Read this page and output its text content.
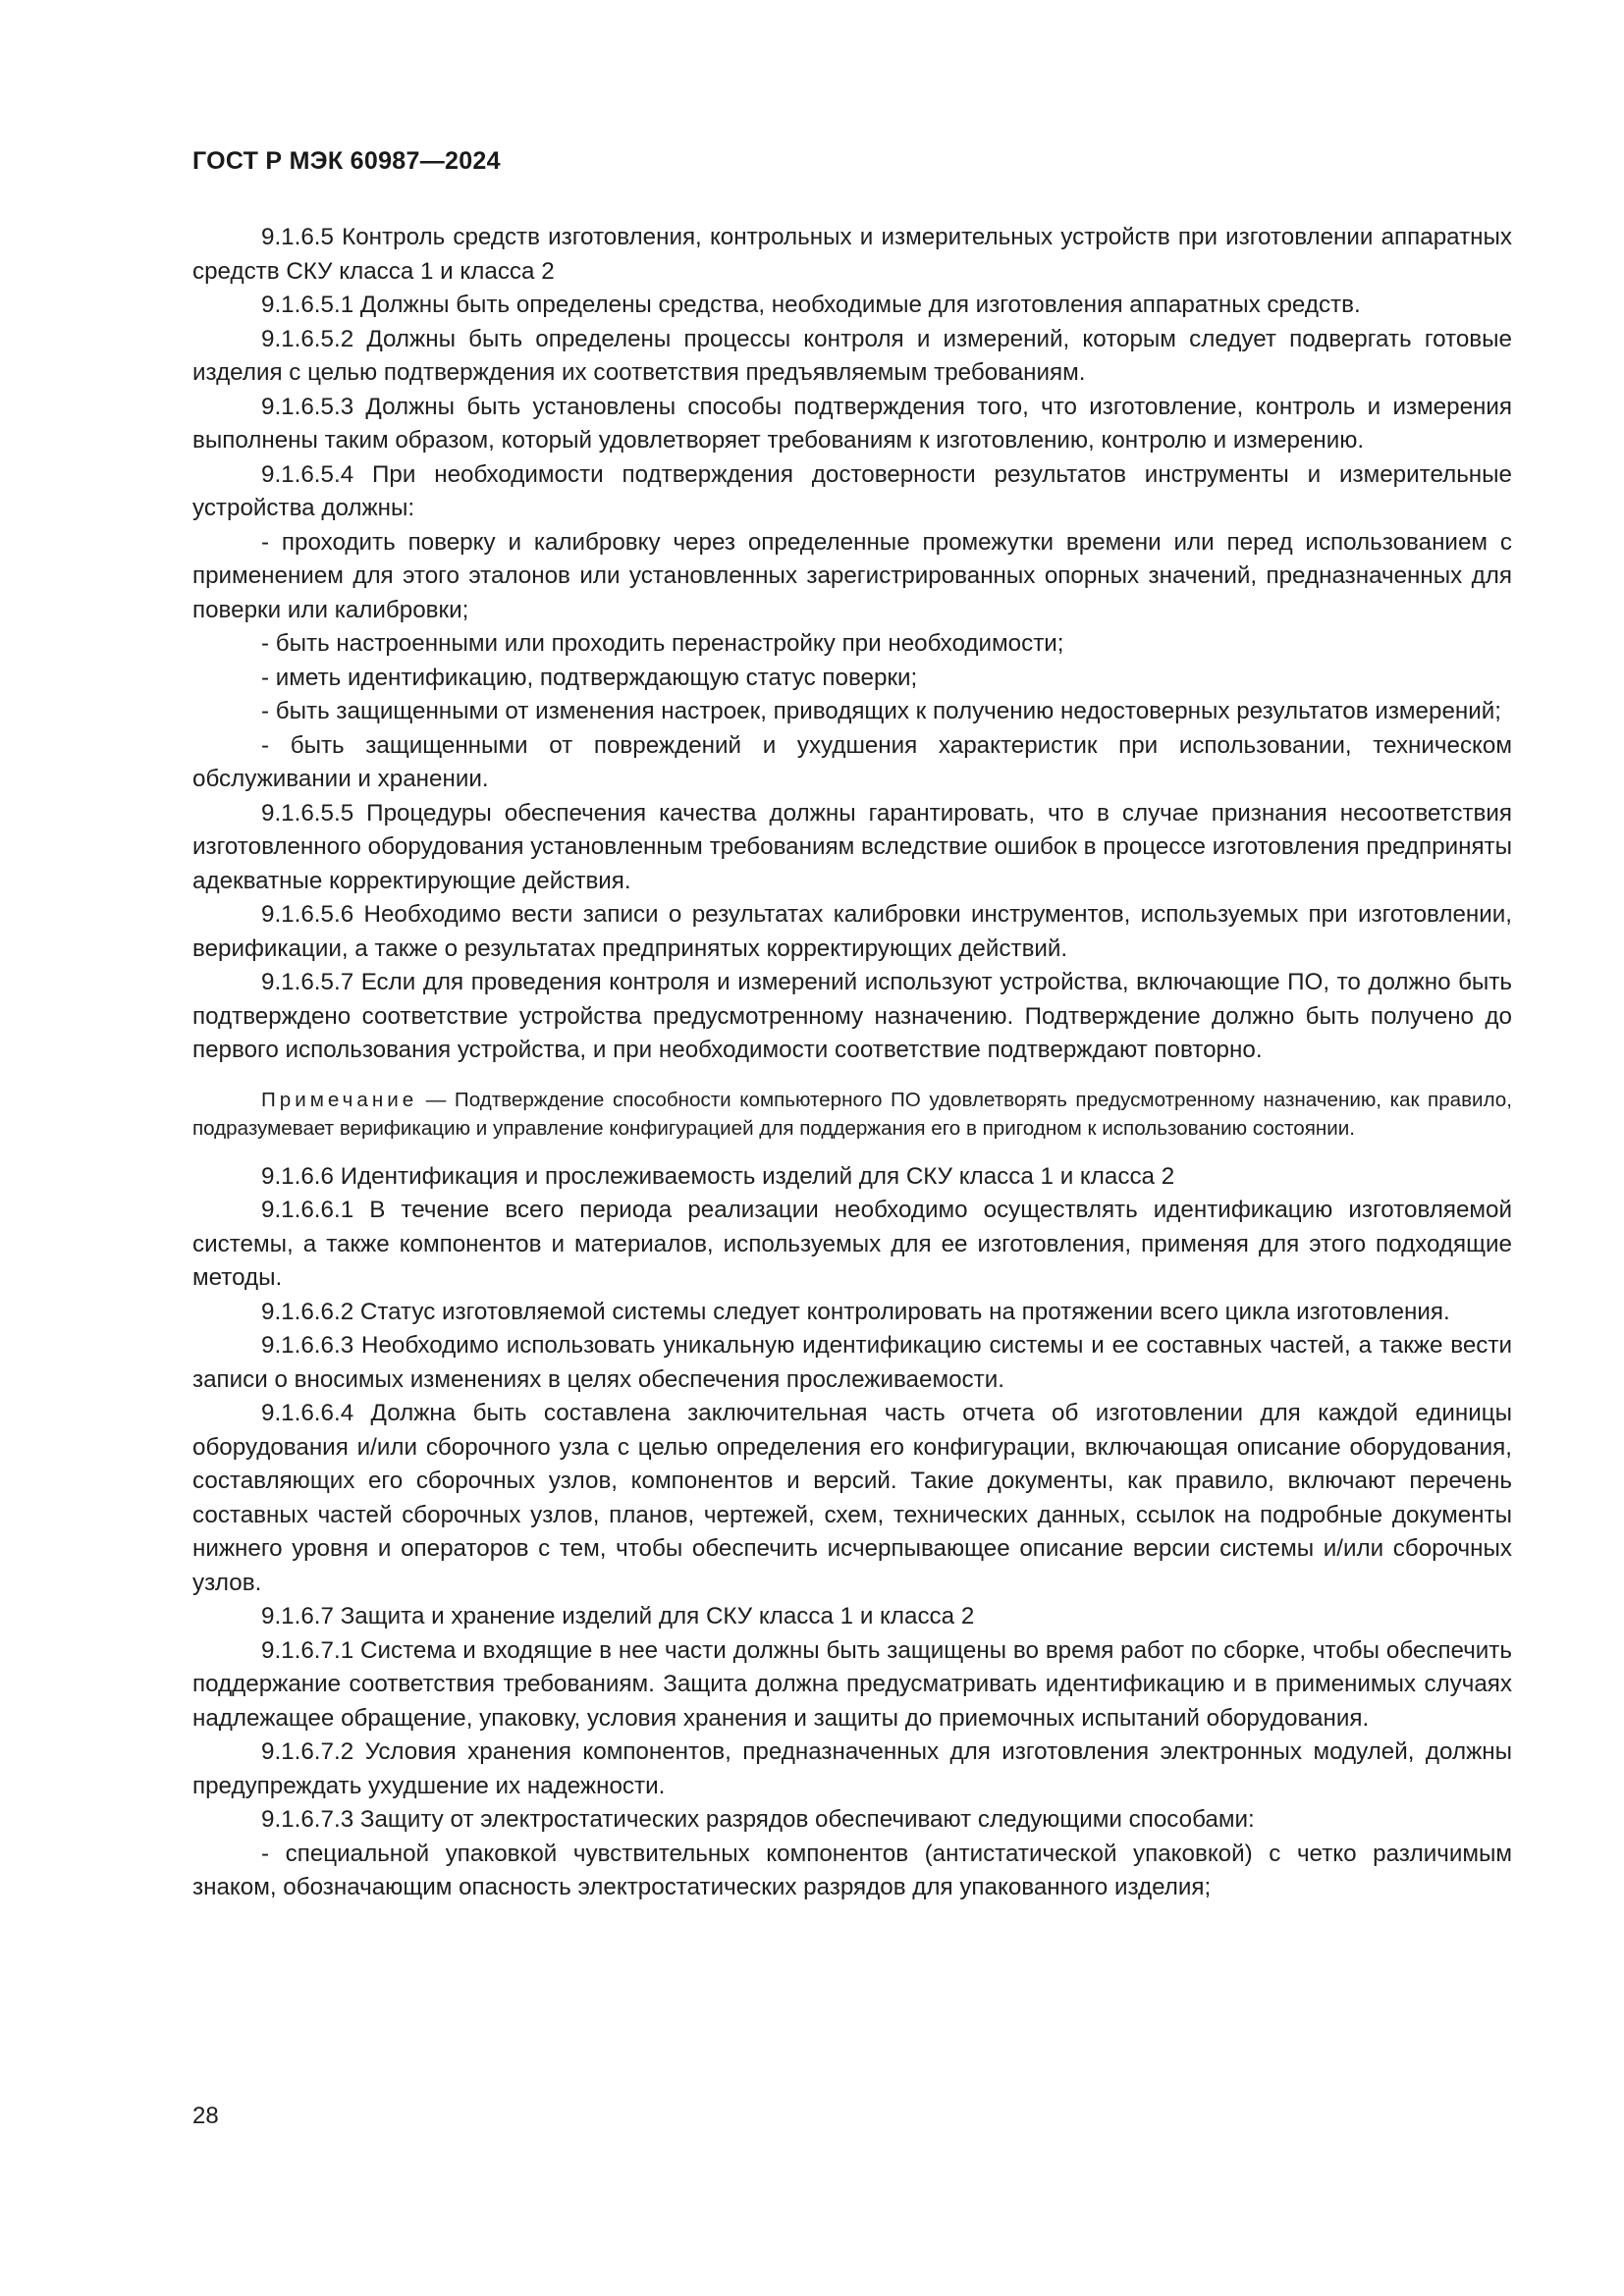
ГОСТ Р МЭК 60987—2024

9.1.6.5 Контроль средств изготовления, контрольных и измерительных устройств при изготовлении аппаратных средств СКУ класса 1 и класса 2

9.1.6.5.1 Должны быть определены средства, необходимые для изготовления аппаратных средств.

9.1.6.5.2 Должны быть определены процессы контроля и измерений, которым следует подвергать готовые изделия с целью подтверждения их соответствия предъявляемым требованиям.

9.1.6.5.3 Должны быть установлены способы подтверждения того, что изготовление, контроль и измерения выполнены таким образом, который удовлетворяет требованиям к изготовлению, контролю и измерению.

9.1.6.5.4 При необходимости подтверждения достоверности результатов инструменты и измерительные устройства должны:

- проходить поверку и калибровку через определенные промежутки времени или перед использованием с применением для этого эталонов или установленных зарегистрированных опорных значений, предназначенных для поверки или калибровки;

- быть настроенными или проходить перенастройку при необходимости;

- иметь идентификацию, подтверждающую статус поверки;

- быть защищенными от изменения настроек, приводящих к получению недостоверных результатов измерений;

- быть защищенными от повреждений и ухудшения характеристик при использовании, техническом обслуживании и хранении.

9.1.6.5.5 Процедуры обеспечения качества должны гарантировать, что в случае признания несоответствия изготовленного оборудования установленным требованиям вследствие ошибок в процессе изготовления предприняты адекватные корректирующие действия.

9.1.6.5.6 Необходимо вести записи о результатах калибровки инструментов, используемых при изготовлении, верификации, а также о результатах предпринятых корректирующих действий.

9.1.6.5.7 Если для проведения контроля и измерений используют устройства, включающие ПО, то должно быть подтверждено соответствие устройства предусмотренному назначению. Подтверждение должно быть получено до первого использования устройства, и при необходимости соответствие подтверждают повторно.

Примечание — Подтверждение способности компьютерного ПО удовлетворять предусмотренному назначению, как правило, подразумевает верификацию и управление конфигурацией для поддержания его в пригодном к использованию состоянии.

9.1.6.6 Идентификация и прослеживаемость изделий для СКУ класса 1 и класса 2

9.1.6.6.1 В течение всего периода реализации необходимо осуществлять идентификацию изготовляемой системы, а также компонентов и материалов, используемых для ее изготовления, применяя для этого подходящие методы.

9.1.6.6.2 Статус изготовляемой системы следует контролировать на протяжении всего цикла изготовления.

9.1.6.6.3 Необходимо использовать уникальную идентификацию системы и ее составных частей, а также вести записи о вносимых изменениях в целях обеспечения прослеживаемости.

9.1.6.6.4 Должна быть составлена заключительная часть отчета об изготовлении для каждой единицы оборудования и/или сборочного узла с целью определения его конфигурации, включающая описание оборудования, составляющих его сборочных узлов, компонентов и версий. Такие документы, как правило, включают перечень составных частей сборочных узлов, планов, чертежей, схем, технических данных, ссылок на подробные документы нижнего уровня и операторов с тем, чтобы обеспечить исчерпывающее описание версии системы и/или сборочных узлов.

9.1.6.7 Защита и хранение изделий для СКУ класса 1 и класса 2

9.1.6.7.1 Система и входящие в нее части должны быть защищены во время работ по сборке, чтобы обеспечить поддержание соответствия требованиям. Защита должна предусматривать идентификацию и в применимых случаях надлежащее обращение, упаковку, условия хранения и защиты до приемочных испытаний оборудования.

9.1.6.7.2 Условия хранения компонентов, предназначенных для изготовления электронных модулей, должны предупреждать ухудшение их надежности.

9.1.6.7.3 Защиту от электростатических разрядов обеспечивают следующими способами:

- специальной упаковкой чувствительных компонентов (антистатической упаковкой) с четко различимым знаком, обозначающим опасность электростатических разрядов для упакованного изделия;

28
